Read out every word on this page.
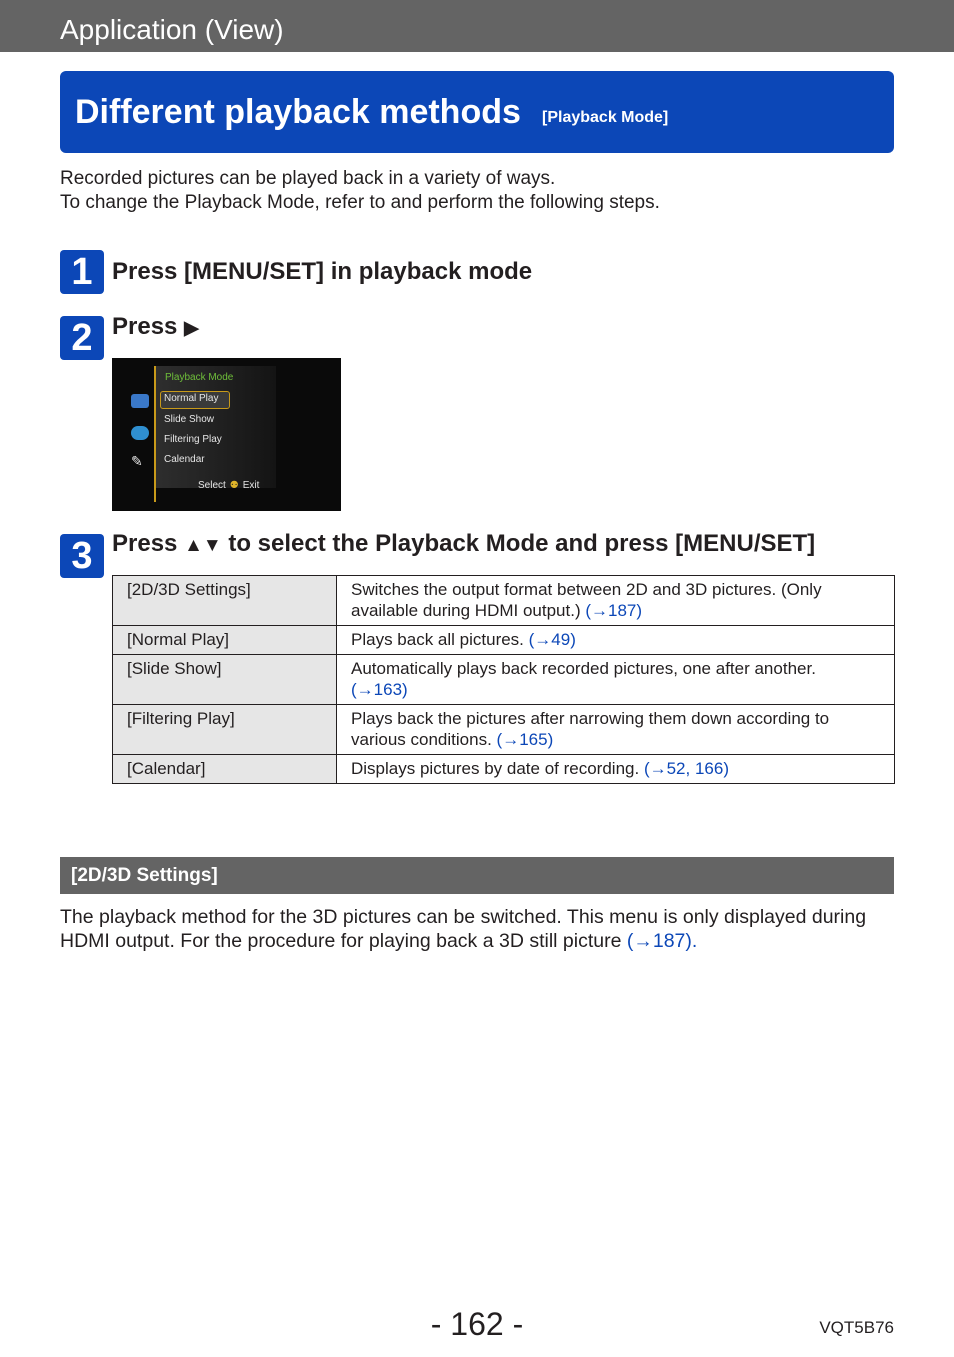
Application (View)
Different playback methods [Playback Mode]
Recorded pictures can be played back in a variety of ways.
To change the Playback Mode, refer to and perform the following steps.
1 Press [MENU/SET] in playback mode
2 Press ▶
✎
Playback Mode
Normal Play
Slide Show
Filtering Play
Calendar
Select ⚉ Exit
3 Press ▲▼ to select the Playback Mode and press [MENU/SET]
[2D/3D Settings]	Switches the output format between 2D and 3D pictures. (Only available during HDMI output.) (→187)
[Normal Play]	Plays back all pictures. (→49)
[Slide Show]	Automatically plays back recorded pictures, one after another.
(→163)
[Filtering Play]	Plays back the pictures after narrowing them down according to various conditions. (→165)
[Calendar]	Displays pictures by date of recording. (→52, 166)
[2D/3D Settings]
The playback method for the 3D pictures can be switched. This menu is only displayed during HDMI output. For the procedure for playing back a 3D still picture (→187).
- 162 -	VQT5B76
